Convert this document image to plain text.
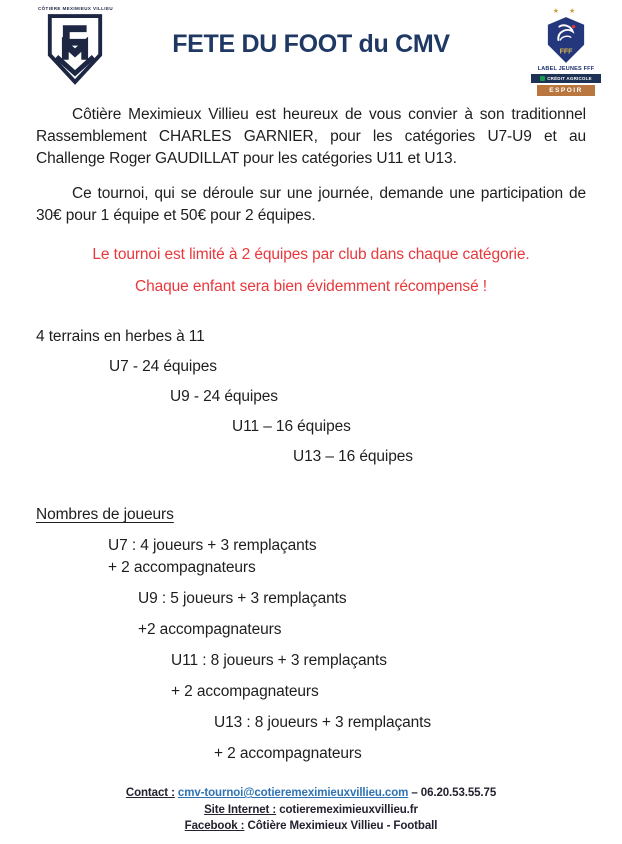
CÔTIÈRE MEXIMIEUX VILLIEU
FETE DU FOOT du CMV
★ ★
FFF
LABEL JEUNES FFF
CRÉDIT AGRICOLE
ESPOIR

Côtière Meximieux Villieu est heureux de vous convier à son traditionnel Rassemblement CHARLES GARNIER, pour les catégories U7-U9 et au Challenge Roger GAUDILLAT pour les catégories U11 et U13.

Ce tournoi, qui se déroule sur une journée, demande une participation de 30€ pour 1 équipe et 50€ pour 2 équipes.

Le tournoi est limité à 2 équipes par club dans chaque catégorie.

Chaque enfant sera bien évidemment récompensé !

4 terrains en herbes à 11
U7 - 24 équipes
U9 - 24 équipes
U11 – 16 équipes
U13 – 16 équipes
Nombres de joueurs
U7 : 4 joueurs + 3 remplaçants
+ 2 accompagnateurs
U9 : 5 joueurs + 3 remplaçants
+2 accompagnateurs
U11 : 8 joueurs + 3 remplaçants
+ 2 accompagnateurs
U13 : 8 joueurs + 3 remplaçants
+ 2 accompagnateurs
Contact : cmv-tournoi@cotieremeximieuxvillieu.com – 06.20.53.55.75
Site Internet : cotieremeximieuxvillieu.fr
Facebook : Côtière Meximieux Villieu - Football
